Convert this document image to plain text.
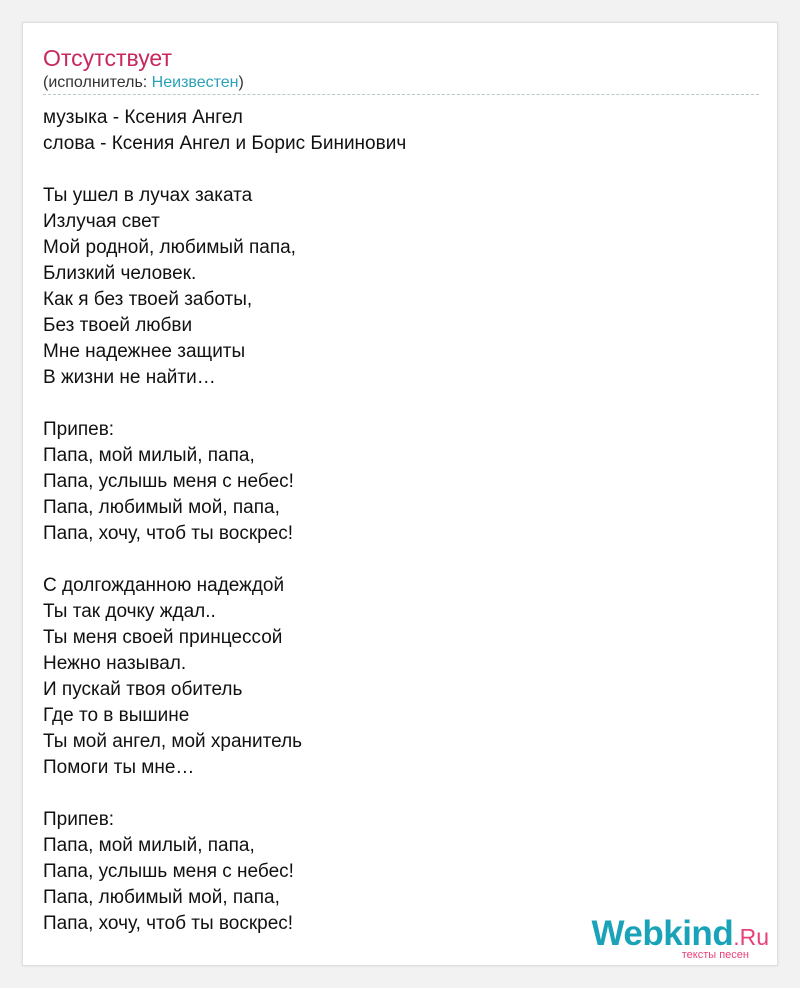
Отсутствует
(исполнитель: Неизвестен)
музыка - Ксения Ангел
слова - Ксения Ангел и Борис Бининович
Ты ушел в лучах заката
Излучая свет
Мой родной, любимый папа,
Близкий человек.
Как я без твоей заботы,
Без твоей любви
Мне надежнее защиты
В жизни не найти…
Припев:
Папа, мой милый, папа,
Папа, услышь меня с небес!
Папа, любимый мой, папа,
Папа, хочу, чтоб ты воскрес!
С долгожданною надеждой
Ты так дочку ждал..
Ты меня своей принцессой
Нежно называл.
И пускай твоя обитель
Где то в вышине
Ты мой ангел, мой хранитель
Помоги ты мне…
Припев:
Папа, мой милый, папа,
Папа, услышь меня с небес!
Папа, любимый мой, папа,
Папа, хочу, чтоб ты воскрес!	Webkind.Ru
тексты песен
